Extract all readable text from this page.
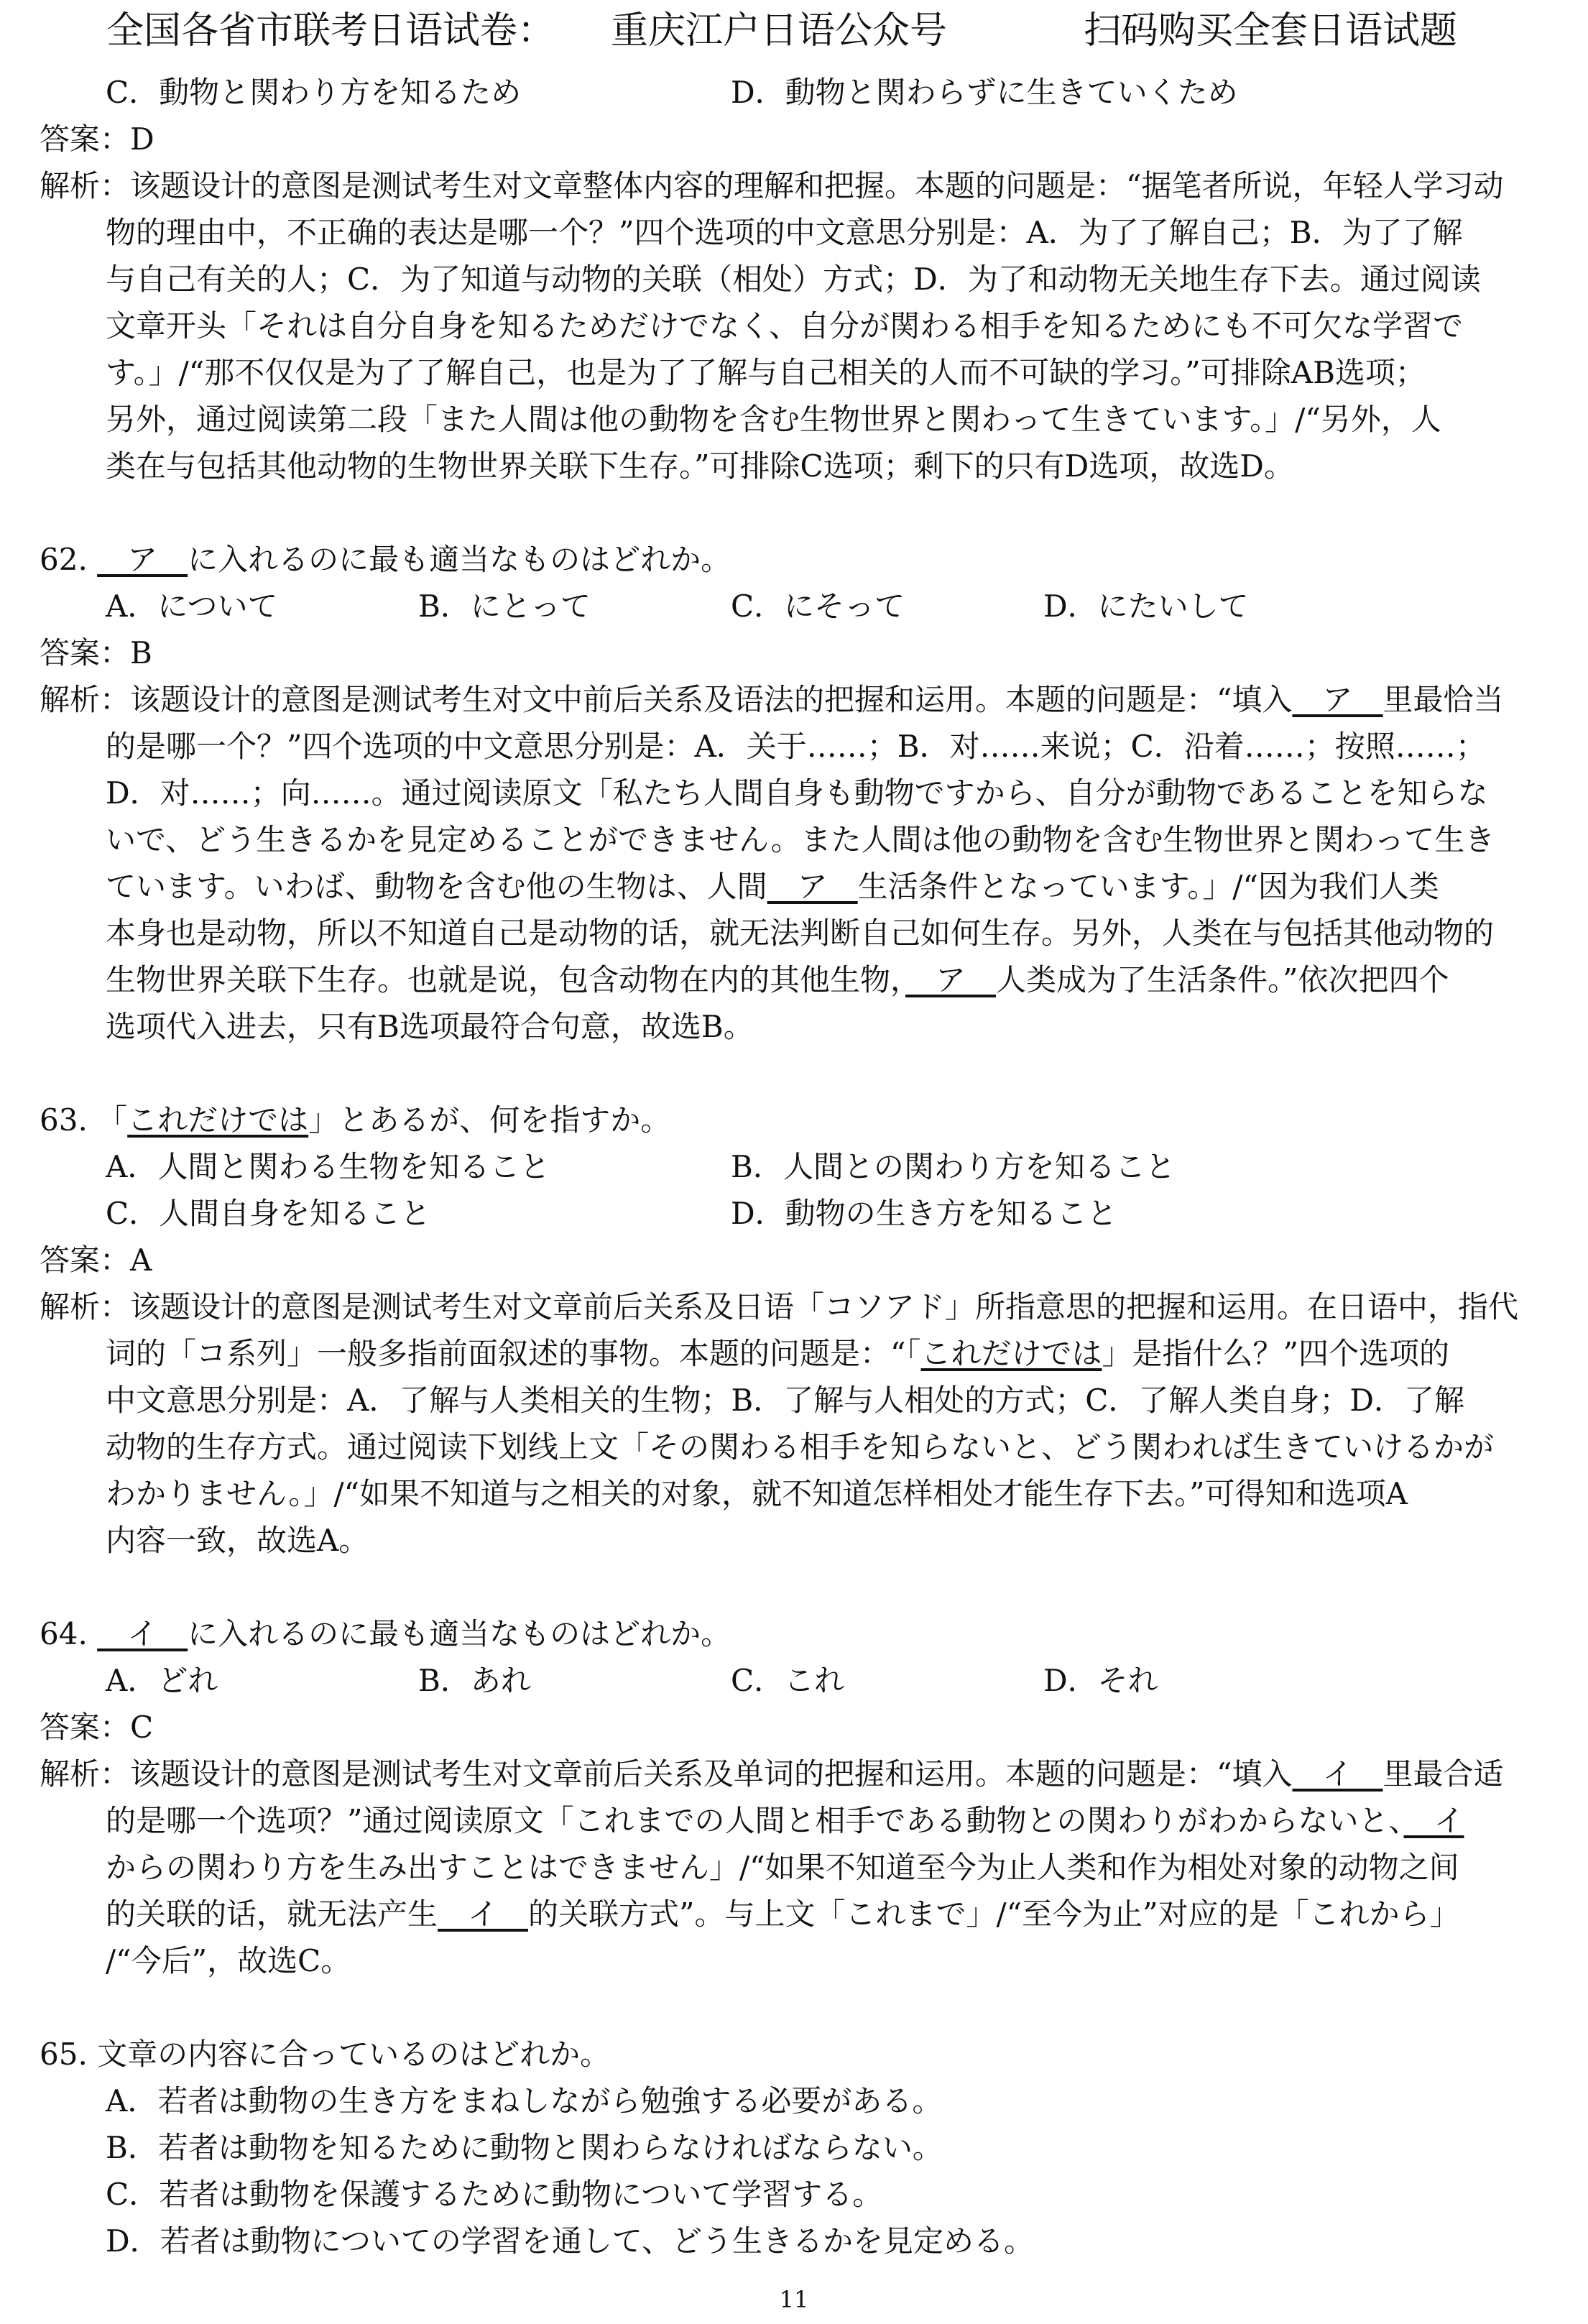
全国各省市联考日语试卷： 重庆江户日语公众号	扫码购买全套日语试题
C．動物と関わり方を知るため	D．動物と関わらずに生きていくため
答案：D
解析：该题设计的意图是测试考生对文章整体内容的理解和把握。本题的问题是：“据笔者所说，年轻人学习动
物的理由中，不正确的表达是哪一个？”四个选项的中文意思分别是：A．为了了解自己；B．为了了解
与自己有关的人；C．为了知道与动物的关联（相处）方式；D．为了和动物无关地生存下去。通过阅读
文章开头「それは自分自身を知るためだけでなく、自分が関わる相手を知るためにも不可欠な学習で
す。」/“那不仅仅是为了了解自己，也是为了了解与自己相关的人而不可缺的学习。”可排除AB选项；
另外，通过阅读第二段「また人間は他の動物を含む生物世界と関わって生きています。」/“另外，人
类在与包括其他动物的生物世界关联下生存。”可排除C选项；剩下的只有D选项，故选D。
62. 　ア　に入れるのに最も適当なものはどれか。
A．について	B．にとって	C．にそって	D．にたいして
答案：B
解析：该题设计的意图是测试考生对文中前后关系及语法的把握和运用。本题的问题是：“填入　ア　里最恰当
的是哪一个？”四个选项的中文意思分别是：A．关于……；B．对……来说；C．沿着……；按照……；
D．对……；向……。通过阅读原文「私たち人間自身も動物ですから、自分が動物であることを知らな
いで、どう生きるかを見定めることができません。また人間は他の動物を含む生物世界と関わって生き
ています。いわば、動物を含む他の生物は、人間　ア　生活条件となっています。」/“因为我们人类
本身也是动物，所以不知道自己是动物的话，就无法判断自己如何生存。另外，人类在与包括其他动物的
生物世界关联下生存。也就是说，包含动物在内的其他生物，　ア　人类成为了生活条件。”依次把四个
选项代入进去，只有B选项最符合句意，故选B。
63. 「これだけでは」とあるが、何を指すか。
A．人間と関わる生物を知ること	B．人間との関わり方を知ること
C．人間自身を知ること	D．動物の生き方を知ること
答案：A
解析：该题设计的意图是测试考生对文章前后关系及日语「コソアド」所指意思的把握和运用。在日语中，指代
词的「コ系列」一般多指前面叙述的事物。本题的问题是：“「これだけでは」是指什么？”四个选项的
中文意思分别是：A．了解与人类相关的生物；B．了解与人相处的方式；C．了解人类自身；D．了解
动物的生存方式。通过阅读下划线上文「その関わる相手を知らないと、どう関われば生きていけるかが
わかりません。」/“如果不知道与之相关的对象，就不知道怎样相处才能生存下去。”可得知和选项A
内容一致，故选A。
64. 　イ　に入れるのに最も適当なものはどれか。
A．どれ	B．あれ	C．これ	D．それ
答案：C
解析：该题设计的意图是测试考生对文章前后关系及单词的把握和运用。本题的问题是：“填入　イ　里最合适
的是哪一个选项？”通过阅读原文「これまでの人間と相手である動物との関わりがわからないと、　イ
からの関わり方を生み出すことはできません」/“如果不知道至今为止人类和作为相处对象的动物之间
的关联的话，就无法产生　イ　的关联方式”。与上文「これまで」/“至今为止”对应的是「これから」
/“今后”，故选C。
65. 文章の内容に合っているのはどれか。
A．若者は動物の生き方をまねしながら勉強する必要がある。
B．若者は動物を知るために動物と関わらなければならない。
C．若者は動物を保護するために動物について学習する。
D．若者は動物についての学習を通して、どう生きるかを見定める。
11
